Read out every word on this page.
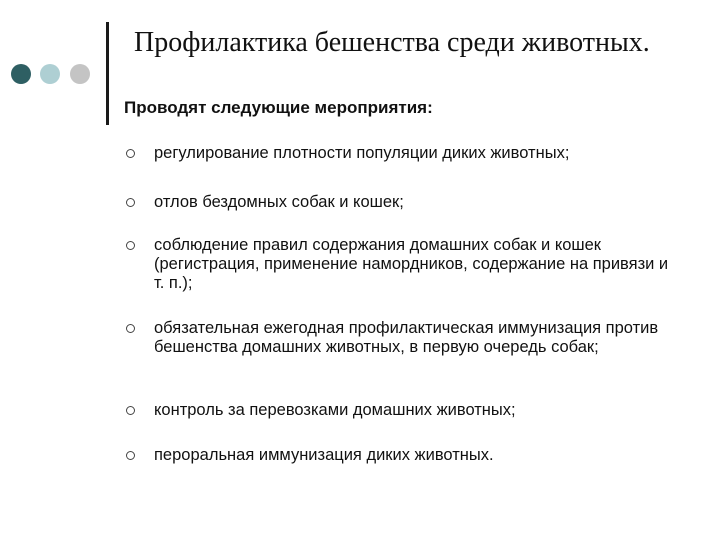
Профилактика бешенства среди животных.
Проводят следующие мероприятия:
регулирование плотности популяции диких животных;
отлов бездомных собак и кошек;
соблюдение правил содержания домашних собак и кошек (регистрация, применение намордников, содержание на привязи и т. п.);
обязательная ежегодная профилактическая иммунизация против бешенства домашних животных, в первую очередь собак;
контроль за перевозками домашних животных;
пероральная иммунизация диких животных.
